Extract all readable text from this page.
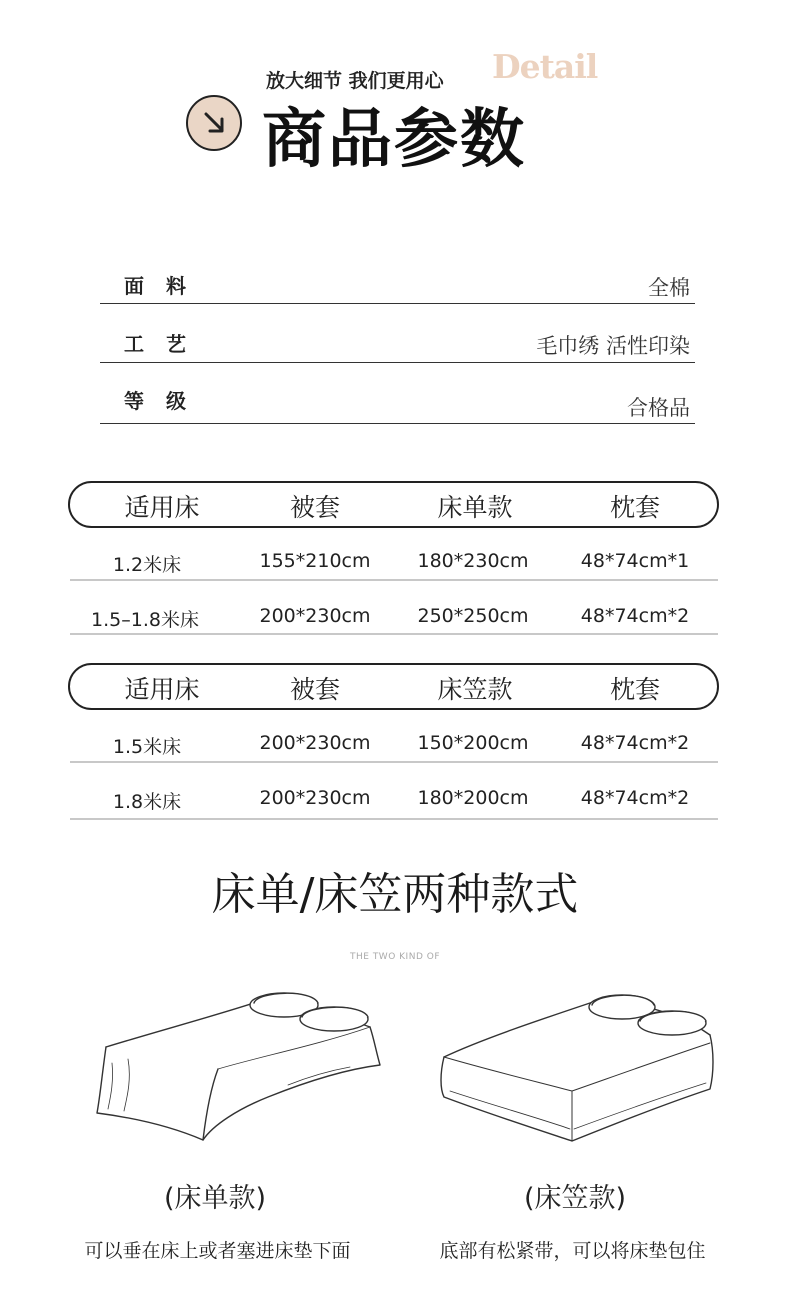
放大细节 我们更用心 Detail
商品参数
面料	全棉
工艺	毛巾绣 活性印染
等级	合格品
适用床	被套	床单款	枕套
1.2米床	155*210cm	180*230cm	48*74cm*1
1.5–1.8米床	200*230cm	250*250cm	48*74cm*2
适用床	被套	床笠款	枕套
1.5米床	200*230cm	150*200cm	48*74cm*2
1.8米床	200*230cm	180*200cm	48*74cm*2
床单/床笠两种款式
THE TWO KIND OF
(床单款)	(床笠款)
可以垂在床上或者塞进床垫下面	底部有松紧带，可以将床垫包住
